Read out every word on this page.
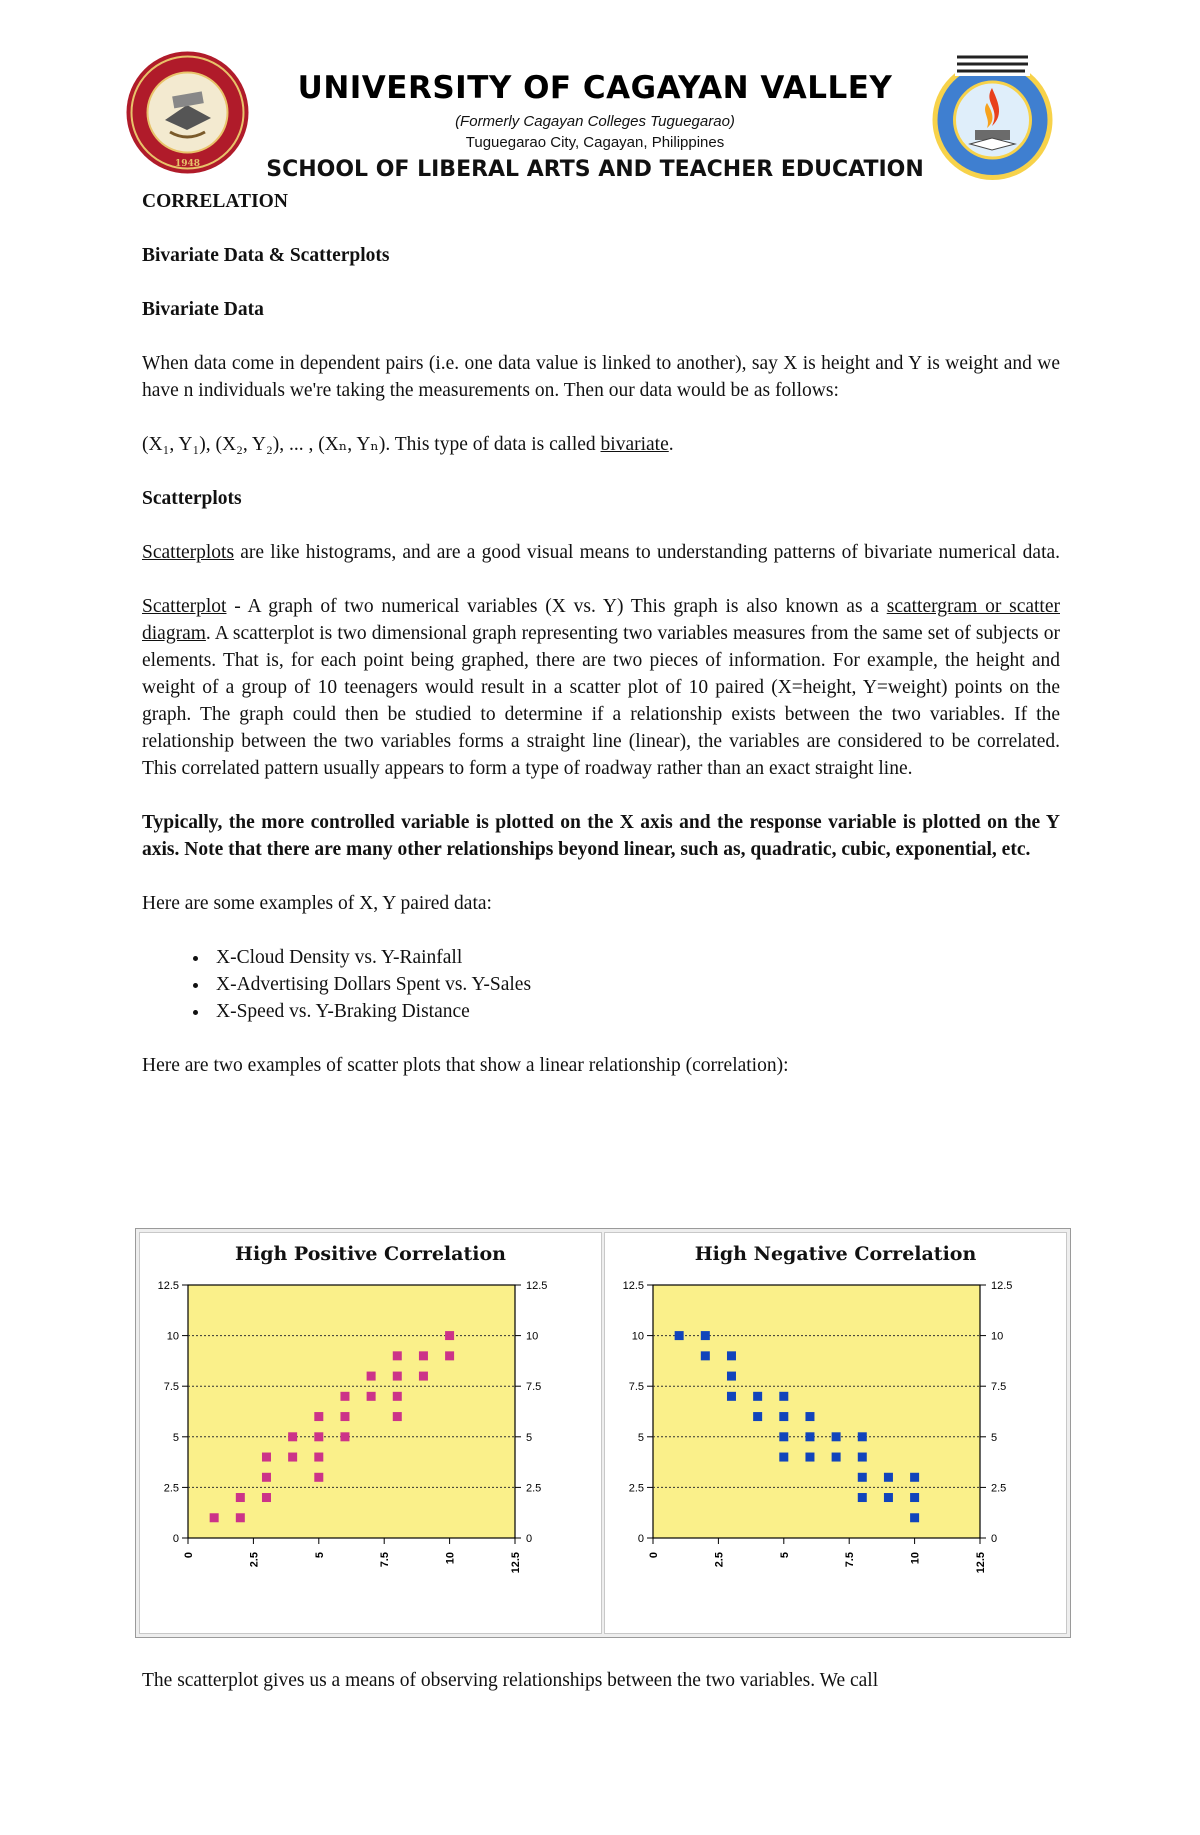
1948
UNIVERSITY OF CAGAYAN VALLEY
(Formerly Cagayan Colleges Tuguegarao)
Tuguegarao City, Cagayan, Philippines
SCHOOL OF LIBERAL ARTS AND TEACHER EDUCATION

CORRELATION

Bivariate Data & Scatterplots

Bivariate Data

When data come in dependent pairs (i.e. one data value is linked to another), say X is height and Y is weight and we have n individuals we're taking the measurements on. Then our data would be as follows:

(X₁, Y₁), (X₂, Y₂), ... , (Xₙ, Yₙ). This type of data is called bivariate.

Scatterplots

Scatterplots are like histograms, and are a good visual means to understanding patterns of bivariate numerical data.

Scatterplot - A graph of two numerical variables (X vs. Y) This graph is also known as a scattergram or scatter diagram. A scatterplot is two dimensional graph representing two variables measures from the same set of subjects or elements. That is, for each point being graphed, there are two pieces of information. For example, the height and weight of a group of 10 teenagers would result in a scatter plot of 10 paired (X=height, Y=weight) points on the graph. The graph could then be studied to determine if a relationship exists between the two variables. If the relationship between the two variables forms a straight line (linear), the variables are considered to be correlated. This correlated pattern usually appears to form a type of roadway rather than an exact straight line.

Typically, the more controlled variable is plotted on the X axis and the response variable is plotted on the Y axis. Note that there are many other relationships beyond linear, such as, quadratic, cubic, exponential, etc.

Here are some examples of X, Y paired data:

• X-Cloud Density vs. Y-Rainfall
• X-Advertising Dollars Spent vs. Y-Sales
• X-Speed vs. Y-Braking Distance

Here are two examples of scatter plots that show a linear relationship (correlation):

High Positive Correlation
0	0
2.5	2.5
5	5
7.5	7.5
10	10
12.5	12.5
0	2.5	5	7.5	10	12.5
High Negative Correlation
0	0
2.5	2.5
5	5
7.5	7.5
10	10
12.5	12.5
0	2.5	5	7.5	10	12.5
The scatterplot gives us a means of observing relationships between the two variables. We call
